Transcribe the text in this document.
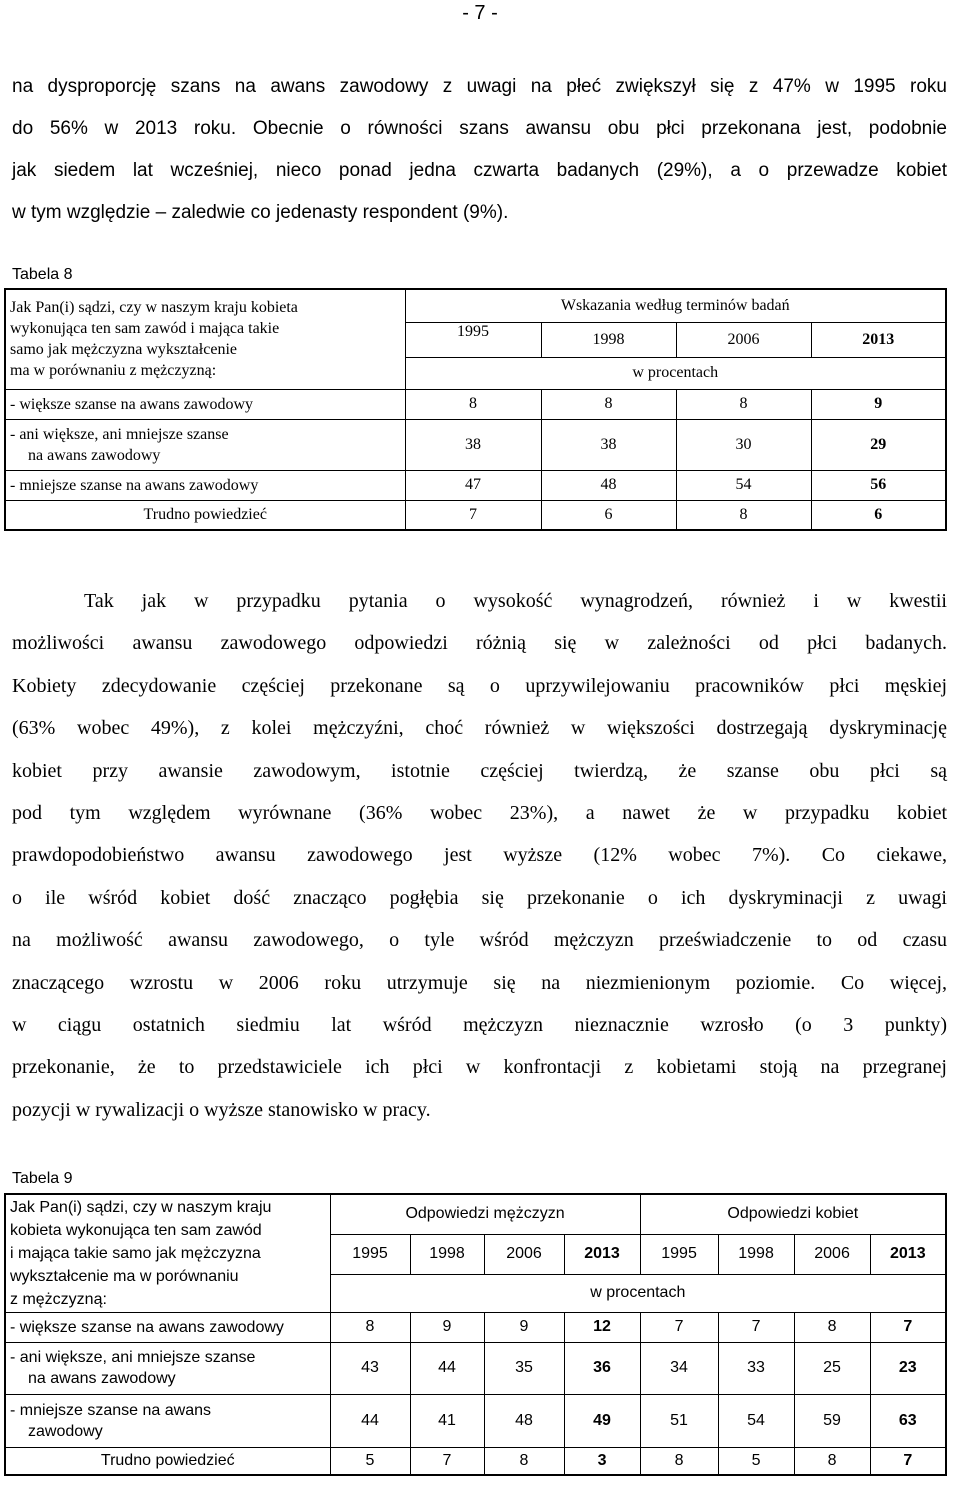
- 7 -
na dysproporcję szans na awans zawodowy z uwagi na płeć zwiększył się z 47% w 1995 roku
do 56% w 2013 roku. Obecnie o równości szans awansu obu płci przekonana jest, podobnie
jak siedem lat wcześniej, nieco ponad jedna czwarta badanych (29%), a o przewadze kobiet
w tym względzie – zaledwie co jedenasty respondent (9%).
Tabela 8
Jak Pan(i) sądzi, czy w naszym kraju kobieta
wykonująca ten sam zawód i mająca takie
samo jak mężczyzna wykształcenie
ma w porównaniu z mężczyzną:	Wskazania według terminów badań			
	1995	1998	2006	2013
	w procentach			
- większe szanse na awans zawodowy	8	8	8	9

- ani większe, ani mniejsze szanse
na awans zawodowy	38	38	30	29
- mniejsze szanse na awans zawodowy	47	48	54	56
Trudno powiedzieć	7	6	8	6
Tak jak w przypadku pytania o wysokość wynagrodzeń, również i w kwestii
możliwości awansu zawodowego odpowiedzi różnią się w zależności od płci badanych.
Kobiety zdecydowanie częściej przekonane są o uprzywilejowaniu pracowników płci męskiej
(63% wobec 49%), z kolei mężczyźni, choć również w większości dostrzegają dyskryminację
kobiet przy awansie zawodowym, istotnie częściej twierdzą, że szanse obu płci są
pod tym względem wyrównane (36% wobec 23%), a nawet że w przypadku kobiet
prawdopodobieństwo awansu zawodowego jest wyższe (12% wobec 7%). Co ciekawe,
o ile wśród kobiet dość znacząco pogłębia się przekonanie o ich dyskryminacji z uwagi
na możliwość awansu zawodowego, o tyle wśród mężczyzn przeświadczenie to od czasu
znaczącego wzrostu w 2006 roku utrzymuje się na niezmienionym poziomie. Co więcej,
w ciągu ostatnich siedmiu lat wśród mężczyzn nieznacznie wzrosło (o 3 punkty)
przekonanie, że to przedstawiciele ich płci w konfrontacji z kobietami stoją na przegranej
pozycji w rywalizacji o wyższe stanowisko w pracy.
Tabela 9
Jak Pan(i) sądzi, czy w naszym kraju
kobieta wykonująca ten sam zawód
i mająca takie samo jak mężczyzna
wykształcenie ma w porównaniu
z mężczyzną:	Odpowiedzi mężczyzn				Odpowiedzi kobiet			
	1995	1998	2006	2013	1995	1998	2006	2013
	w procentach							
- większe szanse na awans zawodowy	8	9	9	12	7	7	8	7

- ani większe, ani mniejsze szanse
na awans zawodowy	43	44	35	36	34	33	25	23

- mniejsze szanse na awans
zawodowy	44	41	48	49	51	54	59	63
Trudno powiedzieć	5	7	8	3	8	5	8	7
